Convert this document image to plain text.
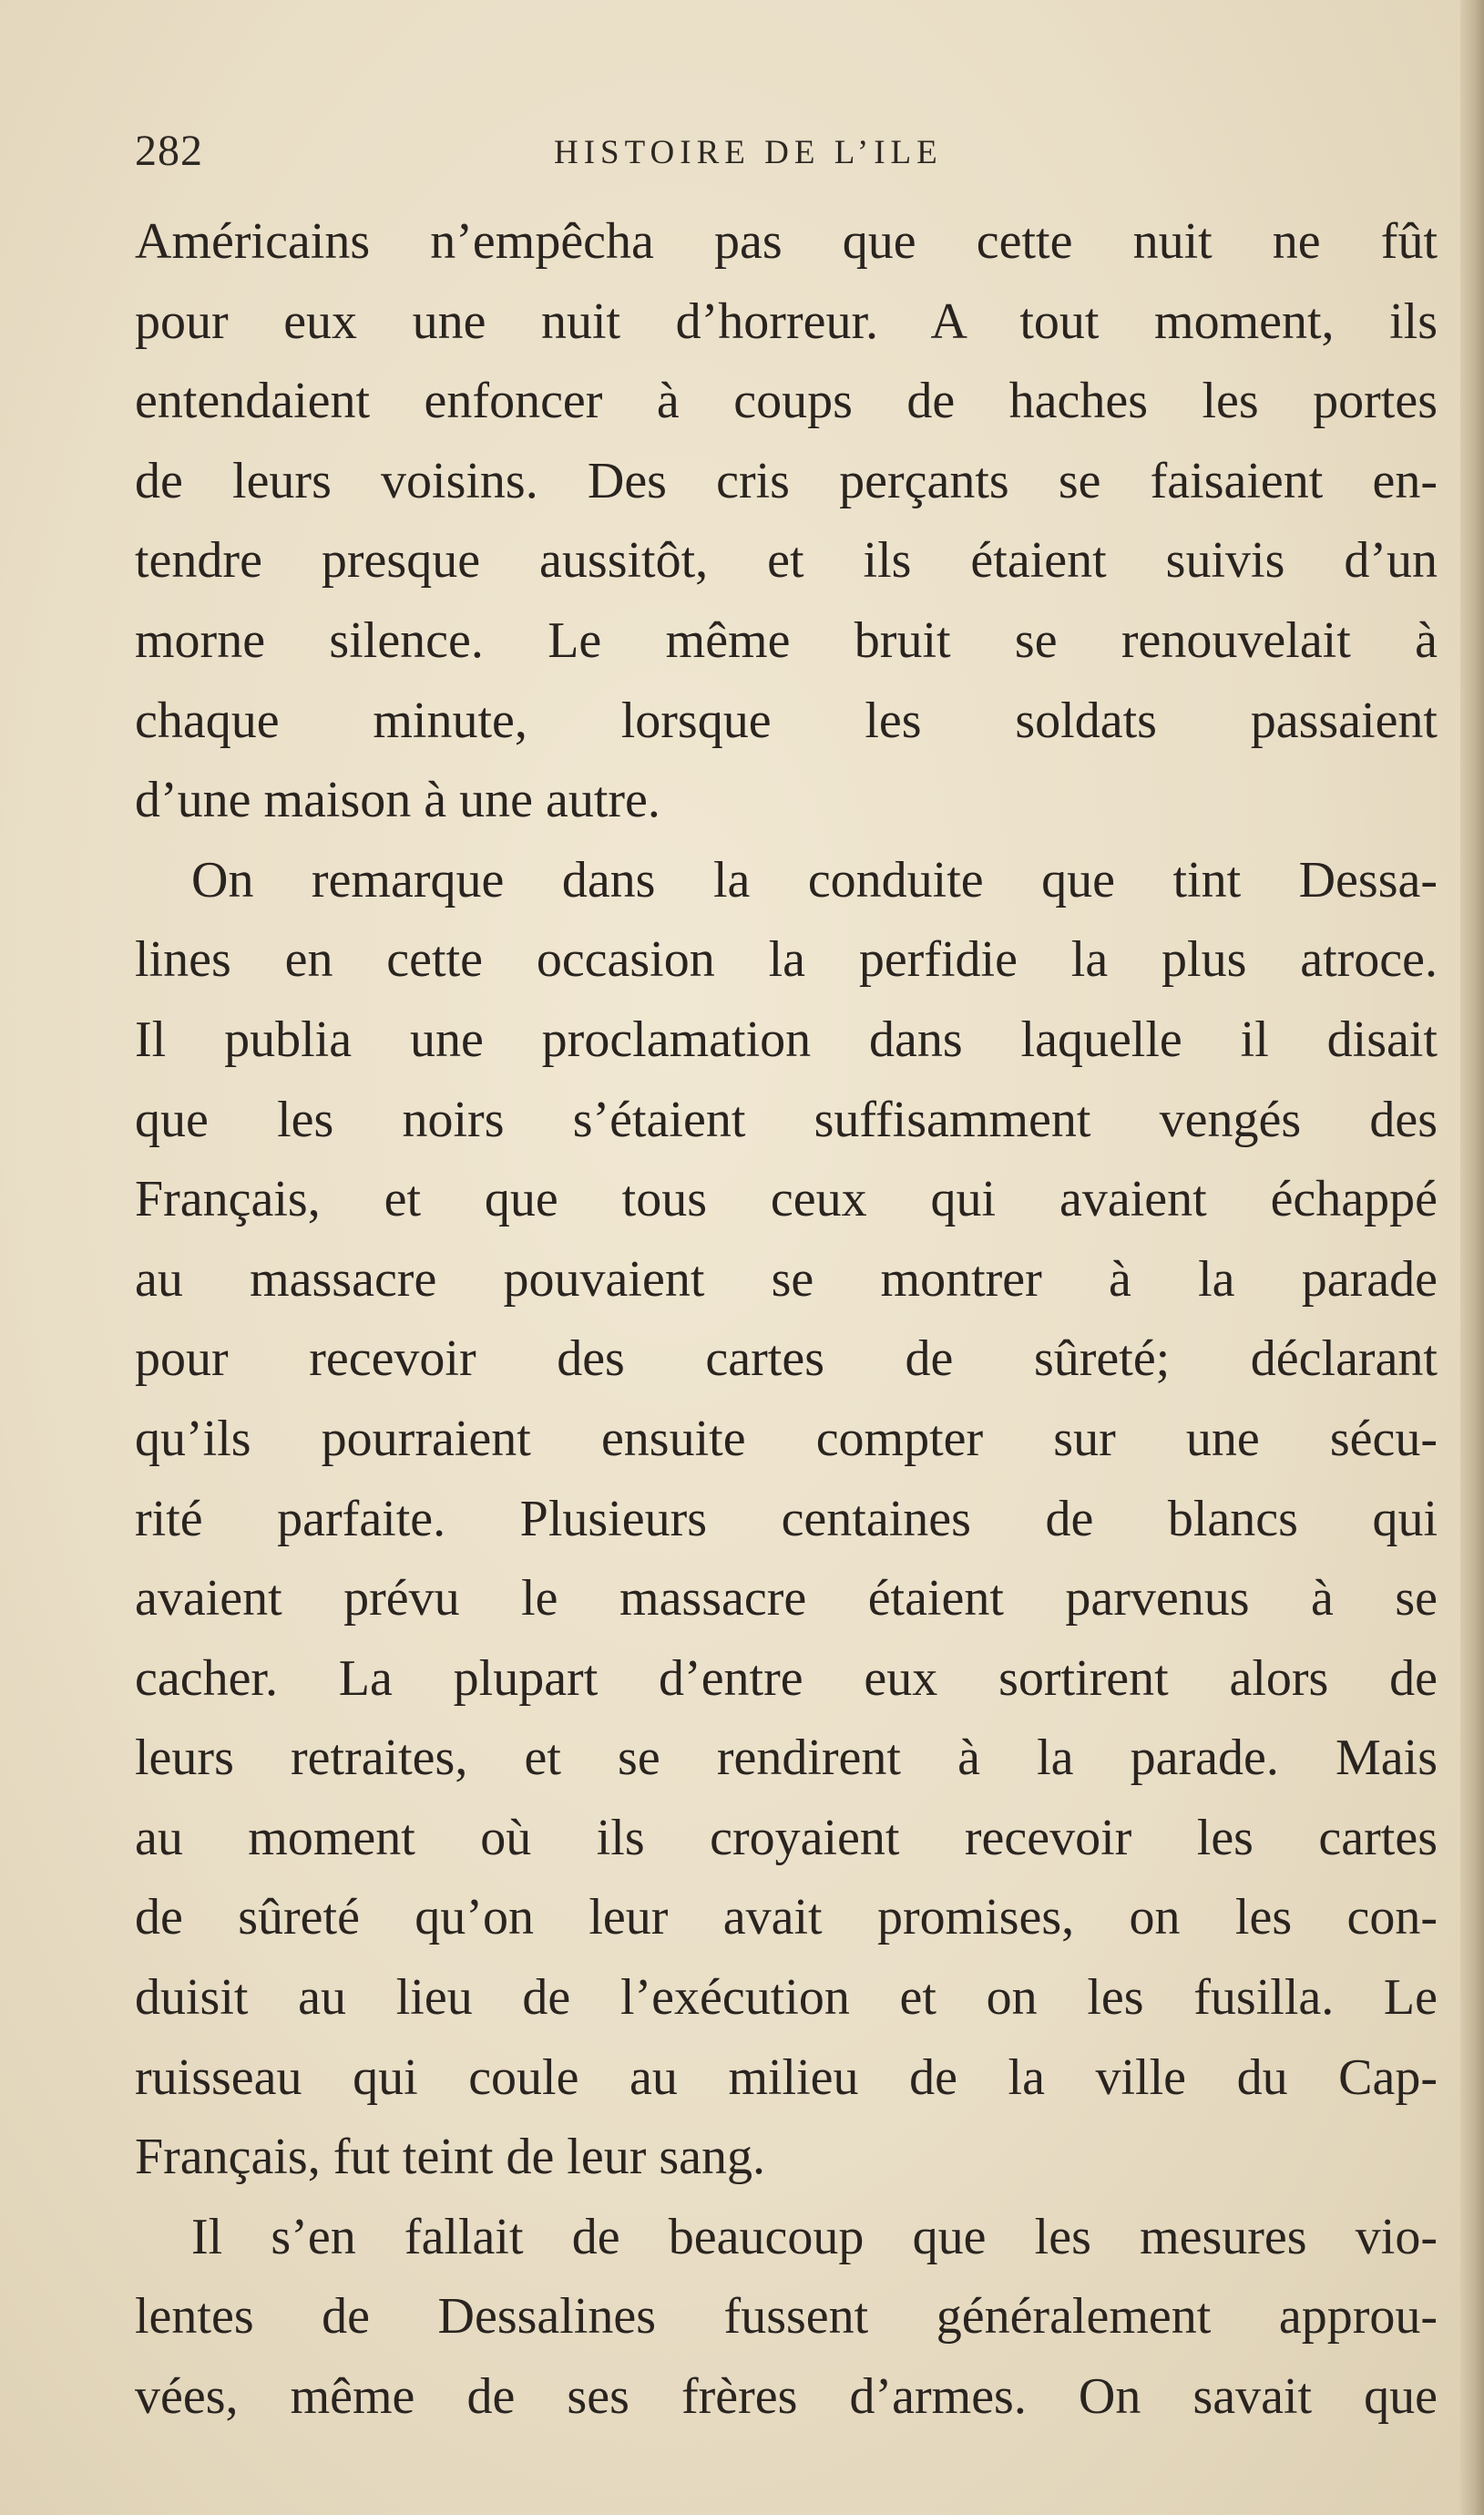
282	HISTOIRE DE L’ILE
Américains n’empêcha pas que cette nuit ne fût
pour eux une nuit d’horreur. A tout moment, ils
entendaient enfoncer à coups de haches les portes
de leurs voisins. Des cris perçants se faisaient en-
tendre presque aussitôt, et ils étaient suivis d’un
morne silence. Le même bruit se renouvelait à
chaque minute, lorsque les soldats passaient
d’une maison à une autre.
On remarque dans la conduite que tint Dessa-
lines en cette occasion la perfidie la plus atroce.
Il publia une proclamation dans laquelle il disait
que les noirs s’étaient suffisamment vengés des
Français, et que tous ceux qui avaient échappé
au massacre pouvaient se montrer à la parade
pour recevoir des cartes de sûreté; déclarant
qu’ils pourraient ensuite compter sur une sécu-
rité parfaite. Plusieurs centaines de blancs qui
avaient prévu le massacre étaient parvenus à se
cacher. La plupart d’entre eux sortirent alors de
leurs retraites, et se rendirent à la parade. Mais
au moment où ils croyaient recevoir les cartes
de sûreté qu’on leur avait promises, on les con-
duisit au lieu de l’exécution et on les fusilla. Le
ruisseau qui coule au milieu de la ville du Cap-
Français, fut teint de leur sang.
Il s’en fallait de beaucoup que les mesures vio-
lentes de Dessalines fussent généralement approu-
vées, même de ses frères d’armes. On savait que
